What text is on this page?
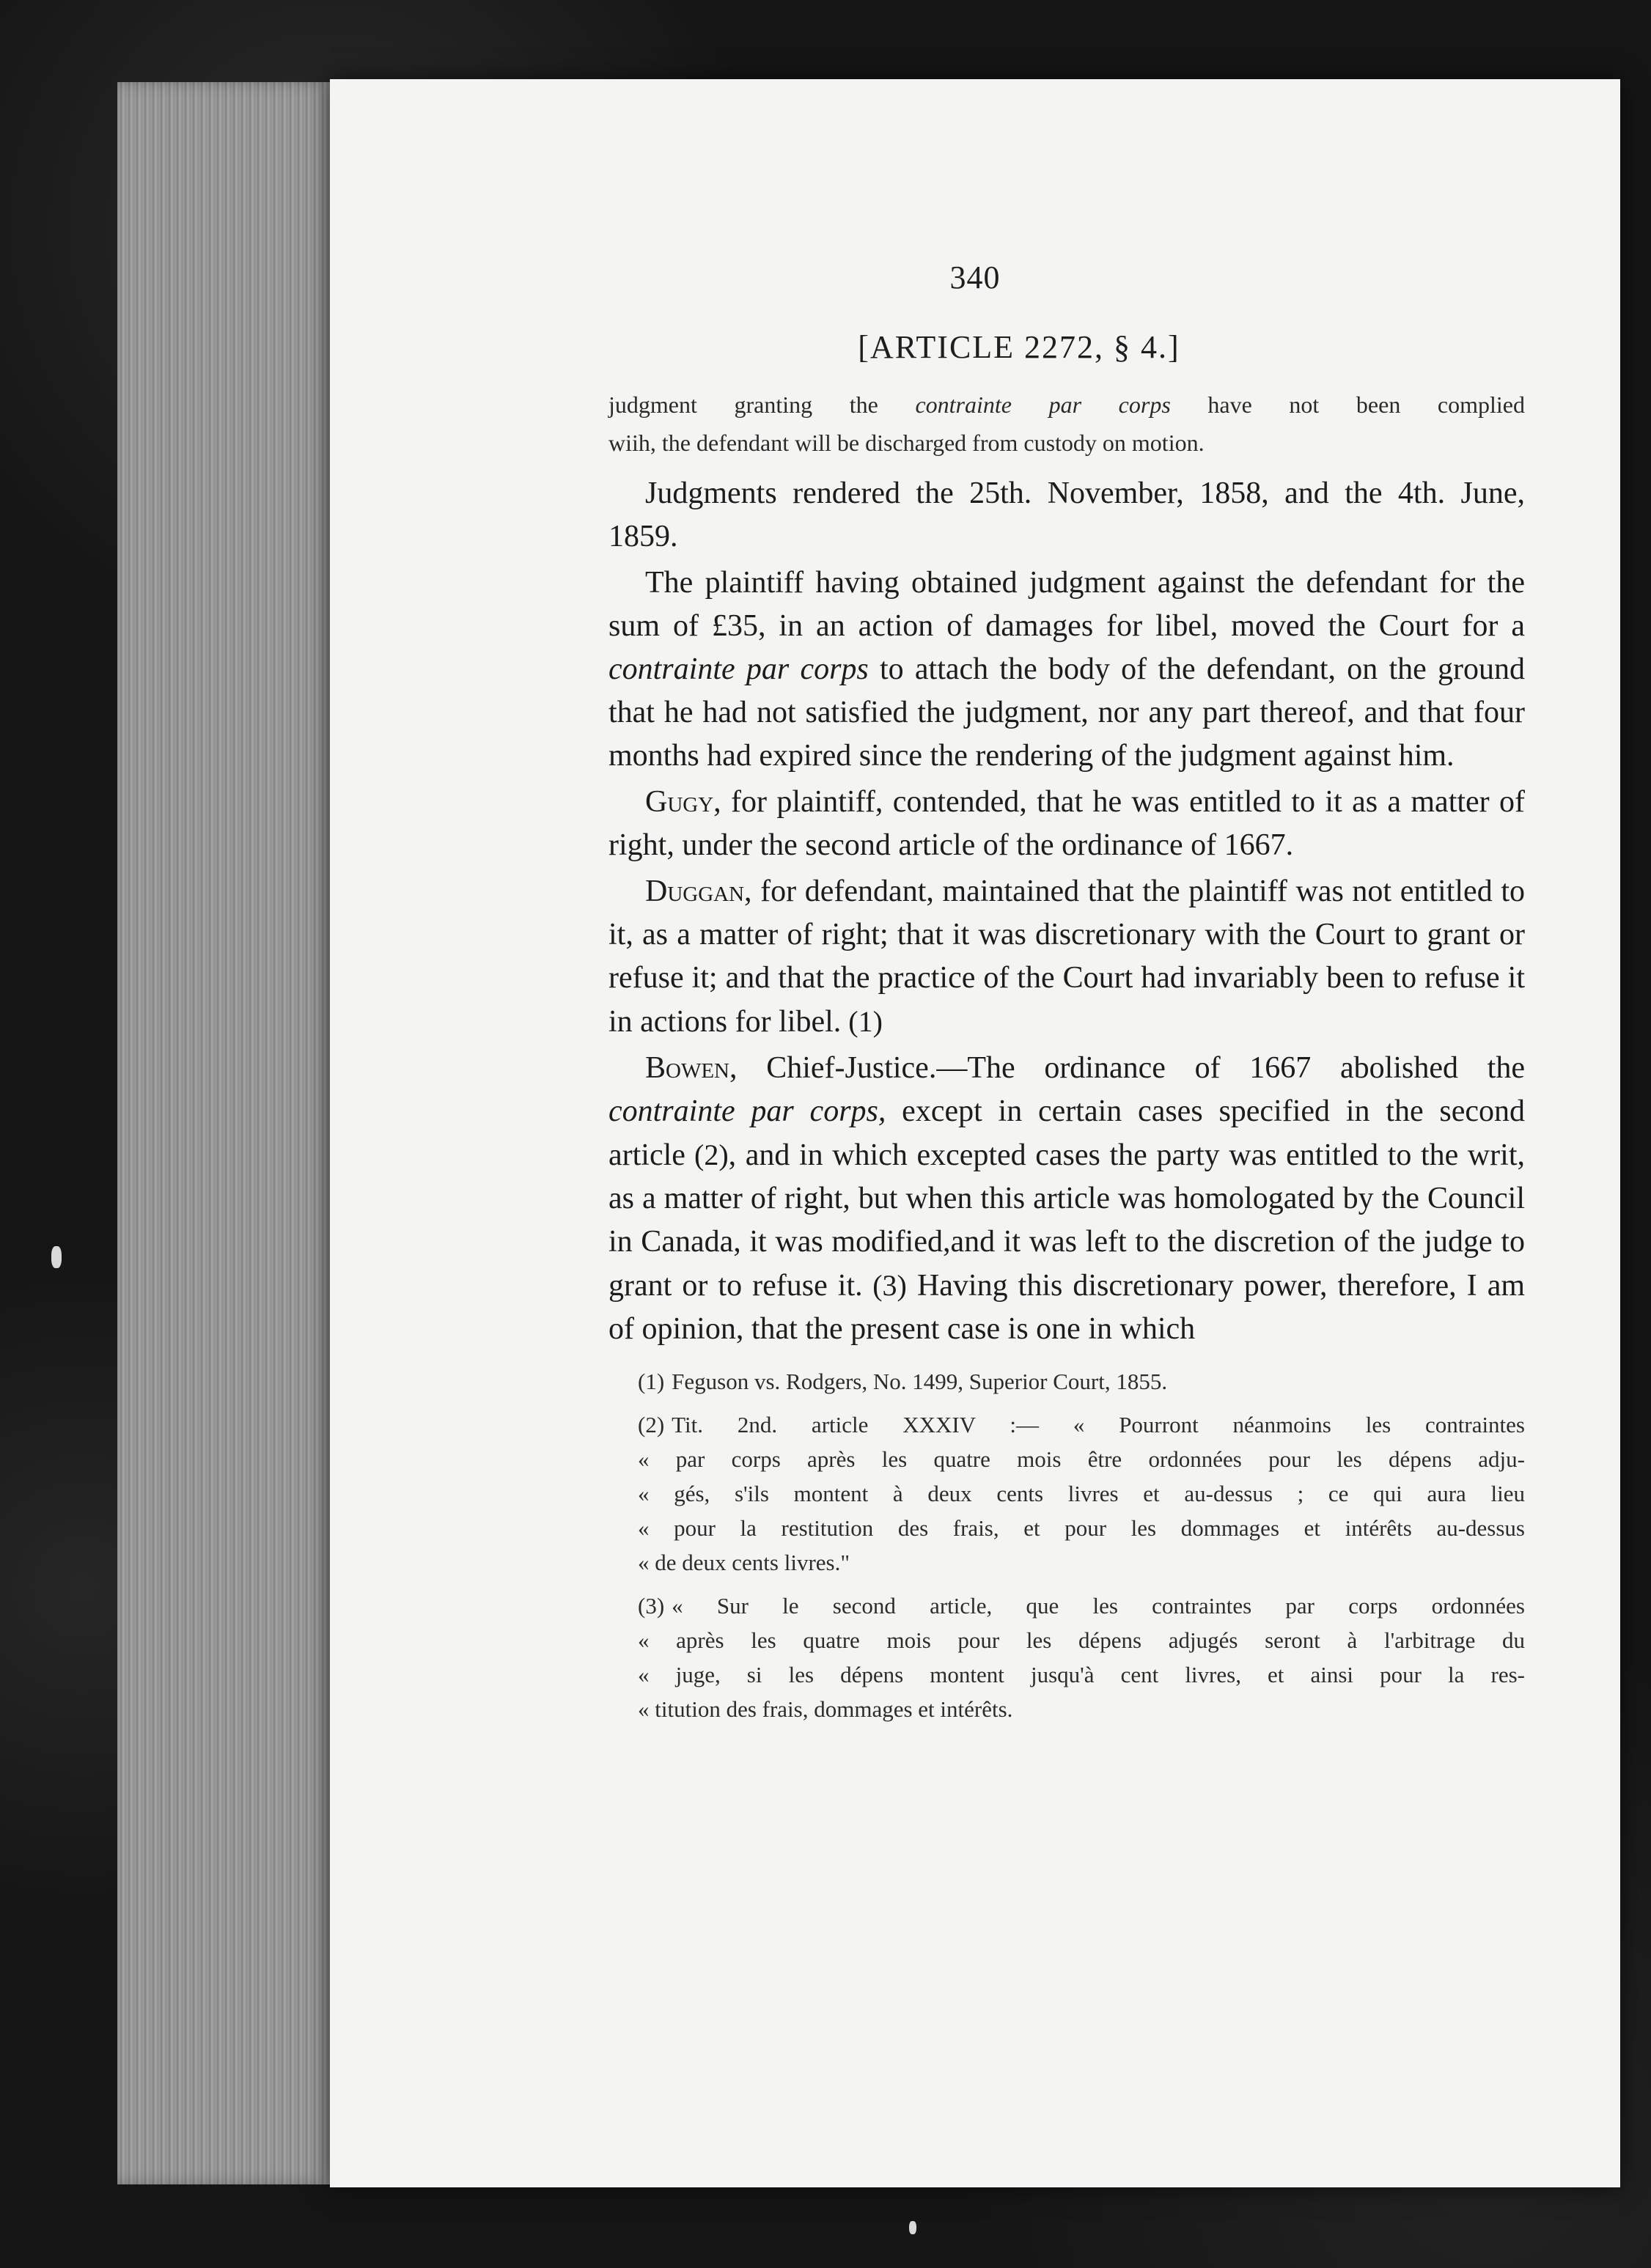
340
[ARTICLE 2272, § 4.]
judgment granting the contrainte par corps have not been complied
wiih, the defendant will be discharged from custody on motion.

Judgments rendered the 25th. November, 1858, and the 4th. June, 1859.

The plaintiff having obtained judgment against the defendant for the sum of £35, in an action of damages for libel, moved the Court for a contrainte par corps to attach the body of the defendant, on the ground that he had not satisfied the judgment, nor any part thereof, and that four months had expired since the rendering of the judgment against him.

Gugy, for plaintiff, contended, that he was entitled to it as a matter of right, under the second article of the ordinance of 1667.

Duggan, for defendant, maintained that the plaintiff was not entitled to it, as a matter of right; that it was discretionary with the Court to grant or refuse it; and that the practice of the Court had invariably been to refuse it in actions for libel. (1)

Bowen, Chief-Justice.—The ordinance of 1667 abolished the contrainte par corps, except in certain cases specified in the second article (2), and in which excepted cases the party was entitled to the writ, as a matter of right, but when this article was homologated by the Council in Canada, it was modified,and it was left to the discretion of the judge to grant or to refuse it. (3) Having this discretionary power, therefore, I am of opinion, that the present case is one in which

(1) Feguson vs. Rodgers, No. 1499, Superior Court, 1855.
(2) Tit. 2nd. article XXXIV :— « Pourront néanmoins les contraintes
« par corps après les quatre mois être ordonnées pour les dépens adju-
« gés, s'ils montent à deux cents livres et au-dessus ; ce qui aura lieu
« pour la restitution des frais, et pour les dommages et intérêts au-dessus
« de deux cents livres."
(3) « Sur le second article, que les contraintes par corps ordonnées
« après les quatre mois pour les dépens adjugés seront à l'arbitrage du
« juge, si les dépens montent jusqu'à cent livres, et ainsi pour la res-
« titution des frais, dommages et intérêts.
